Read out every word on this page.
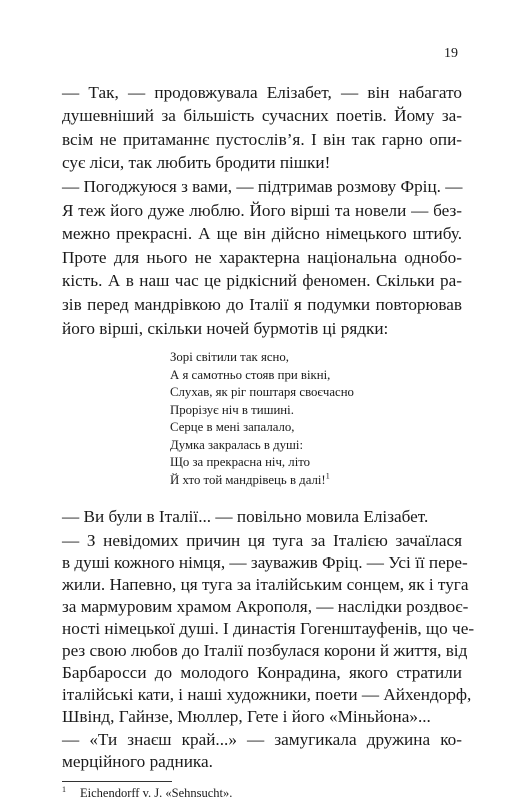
19
— Так, — продовжувала Елізабет, — він набагато
душевніший за більшість сучасних поетів. Йому за-
всім не притаманнє пустослів’я. І він так гарно опи-
сує ліси, так любить бродити пішки!
— Погоджуюся з вами, — підтримав розмову Фріц. —
Я теж його дуже люблю. Його вірші та новели — без-
межно прекрасні. А ще він дійсно німецького штибу.
Проте для нього не характерна національна однобо-
кість. А в наш час це рідкісний феномен. Скільки ра-
зів перед мандрівкою до Італії я подумки повторював
його вірші, скільки ночей бурмотів ці рядки:
Зорі світили так ясно,
А я самотньо стояв при вікні,
Слухав, як ріг поштаря своєчасно
Прорізує ніч в тишині.
Серце в мені запалало,
Думка закралась в душі:
Що за прекрасна ніч, літо
Й хто той мандрівець в далі!$^1$
— Ви були в Італії... — повільно мовила Елізабет.
— З невідомих причин ця туга за Італією зачаїлася
в душі кожного німця, — зауважив Фріц. — Усі її пере-
жили. Напевно, ця туга за італійським сонцем, як і туга
за мармуровим храмом Акрополя, — наслідки роздвоє-
ності німецької душі. І династія Гогенштауфенів, що че-
рез свою любов до Італії позбулася корони й життя, від
Барбаросси до молодого Конрадина, якого стратили
італійські кати, і наші художники, поети — Айхендорф,
Швінд, Гайнзе, Мюллер, Гете і його «Міньйона»...
— «Ти знаєш край...» — замугикала дружина ко-
мерційного радника.
$^1$ Eichendorff v. J. «Sehnsucht».
